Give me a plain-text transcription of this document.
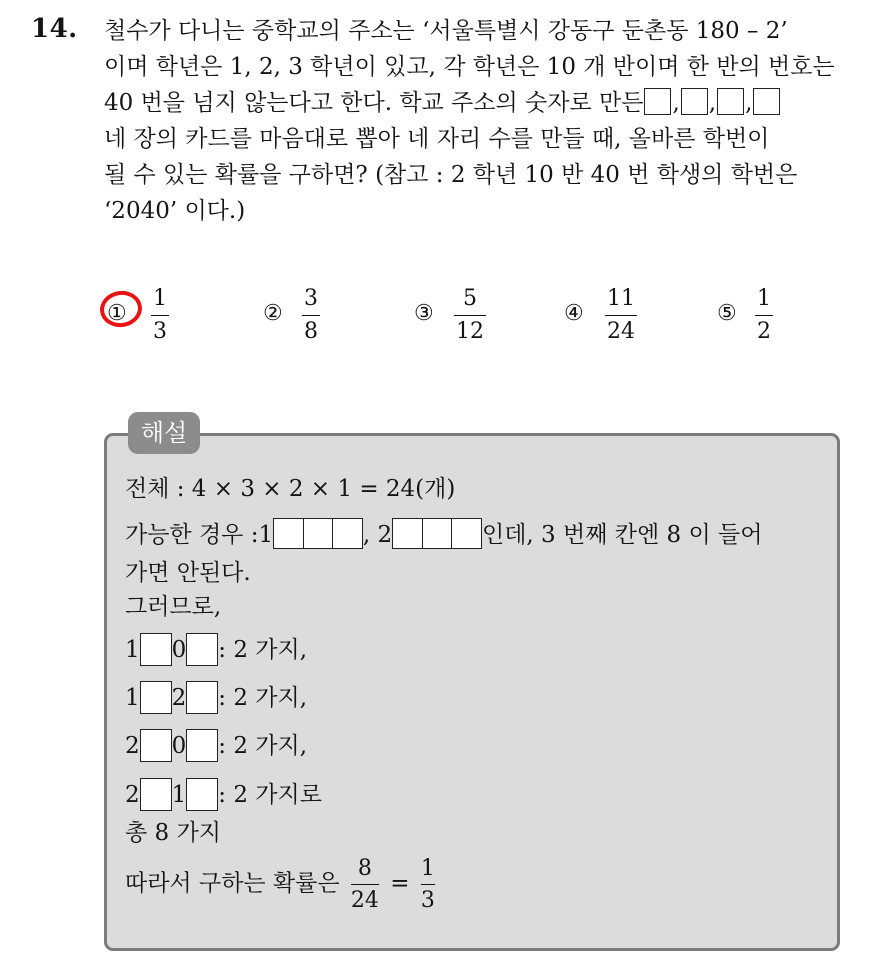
14. 철수가 다니는 중학교의 주소는 ‘서울특별시 강동구 둔촌동 180 – 2’
이며 학년은 1, 2, 3 학년이 있고, 각 학년은 10 개 반이며 한 반의 번호는
40 번을 넘지 않는다고 한다. 학교 주소의 숫자로 만든 , , ,
네 장의 카드를 마음대로 뽑아 네 자리 수를 만들 때, 올바른 학번이
될 수 있는 확률을 구하면? (참고 : 2 학년 10 반 40 번 학생의 학번은
‘2040’ 이다.)
①
1
3
②
3
8
③
5
12
④
11
24
⑤
1
2
해설
전체 : 4 × 3 × 2 × 1 = 24(개)
가능한 경우 :1	, 2	인데, 3 번째 칸엔 8 이 들어
가면 안된다.
그러므로,
1 0 : 2 가지,
1 2 : 2 가지,
2 0 : 2 가지,
2 1 : 2 가지로
총 8 가지
따라서 구하는 확률은 $\frac{8}{24} = \frac{1}{3}$
